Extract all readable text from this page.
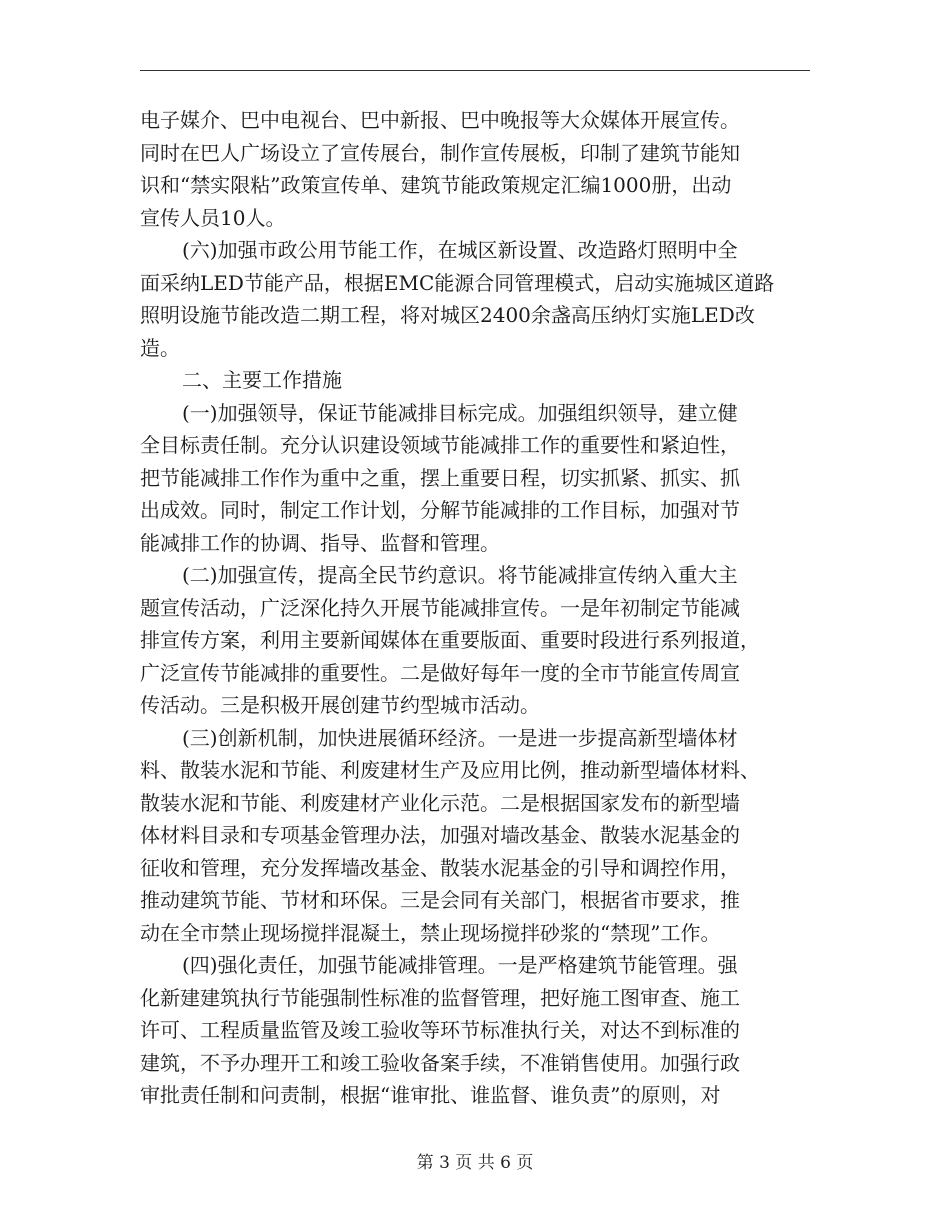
电子媒介、巴中电视台、巴中新报、巴中晚报等大众媒体开展宣传。
同时在巴人广场设立了宣传展台，制作宣传展板，印制了建筑节能知
识和“禁实限粘”政策宣传单、建筑节能政策规定汇编1000册，出动
宣传人员10人。
(六)加强市政公用节能工作，在城区新设置、改造路灯照明中全
面采纳LED节能产品，根据EMC能源合同管理模式，启动实施城区道路
照明设施节能改造二期工程，将对城区2400余盏高压纳灯实施LED改
造。
二、主要工作措施
(一)加强领导，保证节能减排目标完成。加强组织领导，建立健
全目标责任制。充分认识建设领域节能减排工作的重要性和紧迫性，
把节能减排工作作为重中之重，摆上重要日程，切实抓紧、抓实、抓
出成效。同时，制定工作计划，分解节能减排的工作目标，加强对节
能减排工作的协调、指导、监督和管理。
(二)加强宣传，提高全民节约意识。将节能减排宣传纳入重大主
题宣传活动，广泛深化持久开展节能减排宣传。一是年初制定节能减
排宣传方案，利用主要新闻媒体在重要版面、重要时段进行系列报道，
广泛宣传节能减排的重要性。二是做好每年一度的全市节能宣传周宣
传活动。三是积极开展创建节约型城市活动。
(三)创新机制，加快进展循环经济。一是进一步提高新型墙体材
料、散装水泥和节能、利废建材生产及应用比例，推动新型墙体材料、
散装水泥和节能、利废建材产业化示范。二是根据国家发布的新型墙
体材料目录和专项基金管理办法，加强对墙改基金、散装水泥基金的
征收和管理，充分发挥墙改基金、散装水泥基金的引导和调控作用，
推动建筑节能、节材和环保。三是会同有关部门，根据省市要求，推
动在全市禁止现场搅拌混凝土，禁止现场搅拌砂浆的“禁现”工作。
(四)强化责任，加强节能减排管理。一是严格建筑节能管理。强
化新建建筑执行节能强制性标准的监督管理，把好施工图审查、施工
许可、工程质量监管及竣工验收等环节标准执行关，对达不到标准的
建筑，不予办理开工和竣工验收备案手续，不准销售使用。加强行政
审批责任制和问责制，根据“谁审批、谁监督、谁负责”的原则，对
第 3 页 共 6 页
